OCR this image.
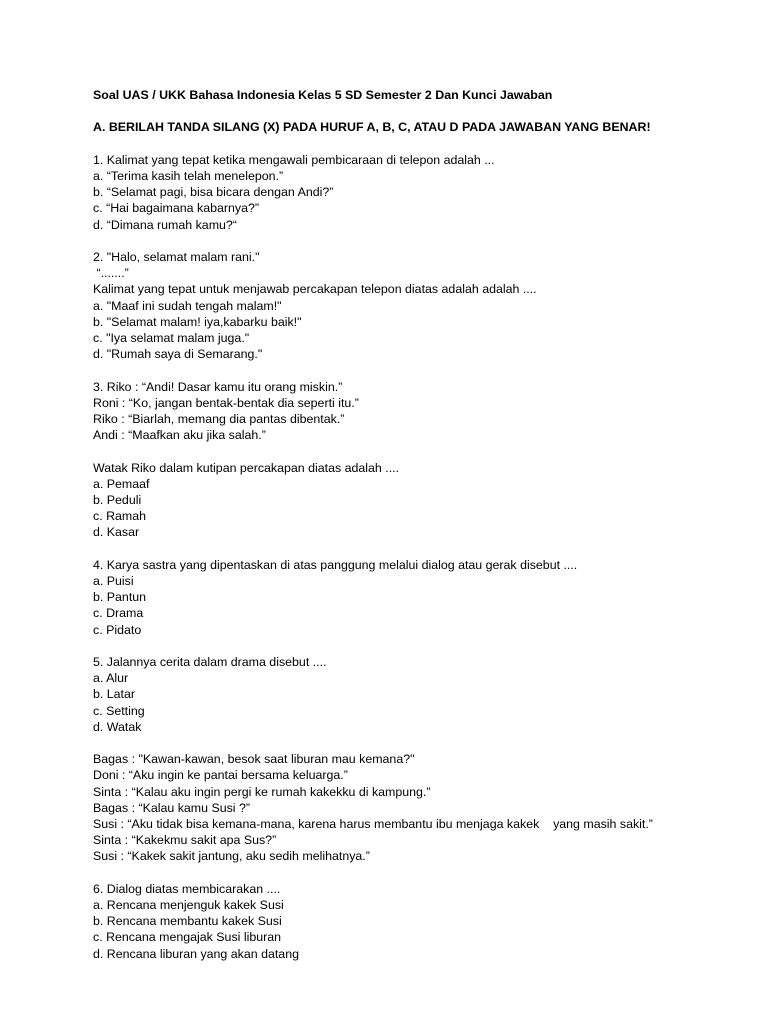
Soal UAS / UKK Bahasa Indonesia Kelas 5 SD Semester 2 Dan Kunci Jawaban
A. BERILAH TANDA SILANG (X) PADA HURUF A, B, C, ATAU D PADA JAWABAN YANG BENAR!
1. Kalimat yang tepat ketika mengawali pembicaraan di telepon adalah ...
a. “Terima kasih telah menelepon.”
b. “Selamat pagi, bisa bicara dengan Andi?”
c. “Hai bagaimana kabarnya?”
d. “Dimana rumah kamu?“
2. "Halo, selamat malam rani."
“.......”
Kalimat yang tepat untuk menjawab percakapan telepon diatas adalah adalah ....
a. "Maaf ini sudah tengah malam!"
b. "Selamat malam! iya,kabarku baik!"
c. "Iya selamat malam juga."
d. "Rumah saya di Semarang."
3. Riko : “Andi! Dasar kamu itu orang miskin.”
Roni : “Ko, jangan bentak-bentak dia seperti itu.”
Riko : “Biarlah, memang dia pantas dibentak.”
Andi : “Maafkan aku jika salah.”
Watak Riko dalam kutipan percakapan diatas adalah ....
a. Pemaaf
b. Peduli
c. Ramah
d. Kasar
4. Karya sastra yang dipentaskan di atas panggung melalui dialog atau gerak disebut ....
a. Puisi
b. Pantun
c. Drama
c. Pidato
5. Jalannya cerita dalam drama disebut ....
a. Alur
b. Latar
c. Setting
d. Watak
Bagas : "Kawan-kawan, besok saat liburan mau kemana?"
Doni : “Aku ingin ke pantai bersama keluarga.”
Sinta : “Kalau aku ingin pergi ke rumah kakekku di kampung.”
Bagas : “Kalau kamu Susi ?”
Susi : “Aku tidak bisa kemana-mana, karena harus membantu ibu menjaga kakek    yang masih sakit.”
Sinta : “Kakekmu sakit apa Sus?”
Susi : “Kakek sakit jantung, aku sedih melihatnya.”
6. Dialog diatas membicarakan ....
a. Rencana menjenguk kakek Susi
b. Rencana membantu kakek Susi
c. Rencana mengajak Susi liburan
d. Rencana liburan yang akan datang
